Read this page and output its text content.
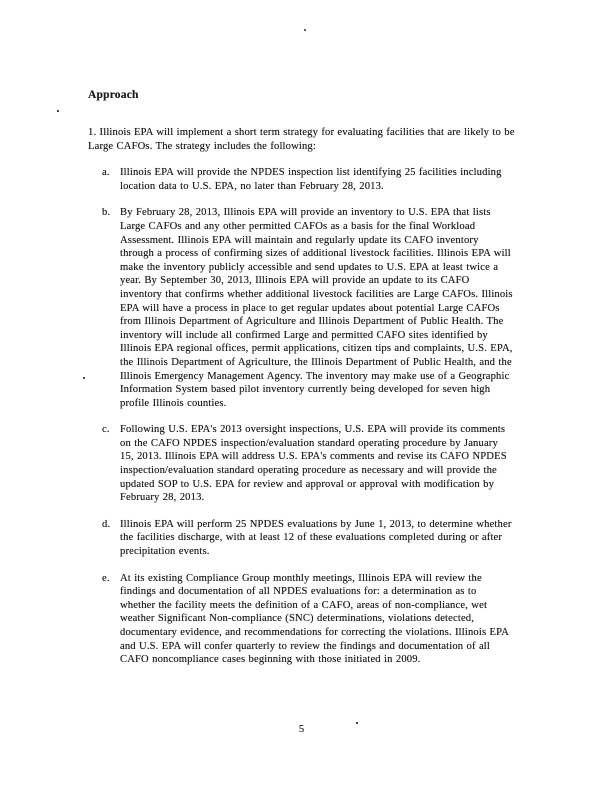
Approach
1. Illinois EPA will implement a short term strategy for evaluating facilities that are likely to be Large CAFOs. The strategy includes the following:
a. Illinois EPA will provide the NPDES inspection list identifying 25 facilities including location data to U.S. EPA, no later than February 28, 2013.
b. By February 28, 2013, Illinois EPA will provide an inventory to U.S. EPA that lists Large CAFOs and any other permitted CAFOs as a basis for the final Workload Assessment. Illinois EPA will maintain and regularly update its CAFO inventory through a process of confirming sizes of additional livestock facilities. Illinois EPA will make the inventory publicly accessible and send updates to U.S. EPA at least twice a year. By September 30, 2013, Illinois EPA will provide an update to its CAFO inventory that confirms whether additional livestock facilities are Large CAFOs. Illinois EPA will have a process in place to get regular updates about potential Large CAFOs from Illinois Department of Agriculture and Illinois Department of Public Health. The inventory will include all confirmed Large and permitted CAFO sites identified by Illinois EPA regional offices, permit applications, citizen tips and complaints, U.S. EPA, the Illinois Department of Agriculture, the Illinois Department of Public Health, and the Illinois Emergency Management Agency. The inventory may make use of a Geographic Information System based pilot inventory currently being developed for seven high profile Illinois counties.
c. Following U.S. EPA's 2013 oversight inspections, U.S. EPA will provide its comments on the CAFO NPDES inspection/evaluation standard operating procedure by January 15, 2013. Illinois EPA will address U.S. EPA's comments and revise its CAFO NPDES inspection/evaluation standard operating procedure as necessary and will provide the updated SOP to U.S. EPA for review and approval or approval with modification by February 28, 2013.
d. Illinois EPA will perform 25 NPDES evaluations by June 1, 2013, to determine whether the facilities discharge, with at least 12 of these evaluations completed during or after precipitation events.
e. At its existing Compliance Group monthly meetings, Illinois EPA will review the findings and documentation of all NPDES evaluations for: a determination as to whether the facility meets the definition of a CAFO, areas of non-compliance, wet weather Significant Non-compliance (SNC) determinations, violations detected, documentary evidence, and recommendations for correcting the violations. Illinois EPA and U.S. EPA will confer quarterly to review the findings and documentation of all CAFO noncompliance cases beginning with those initiated in 2009.
5
